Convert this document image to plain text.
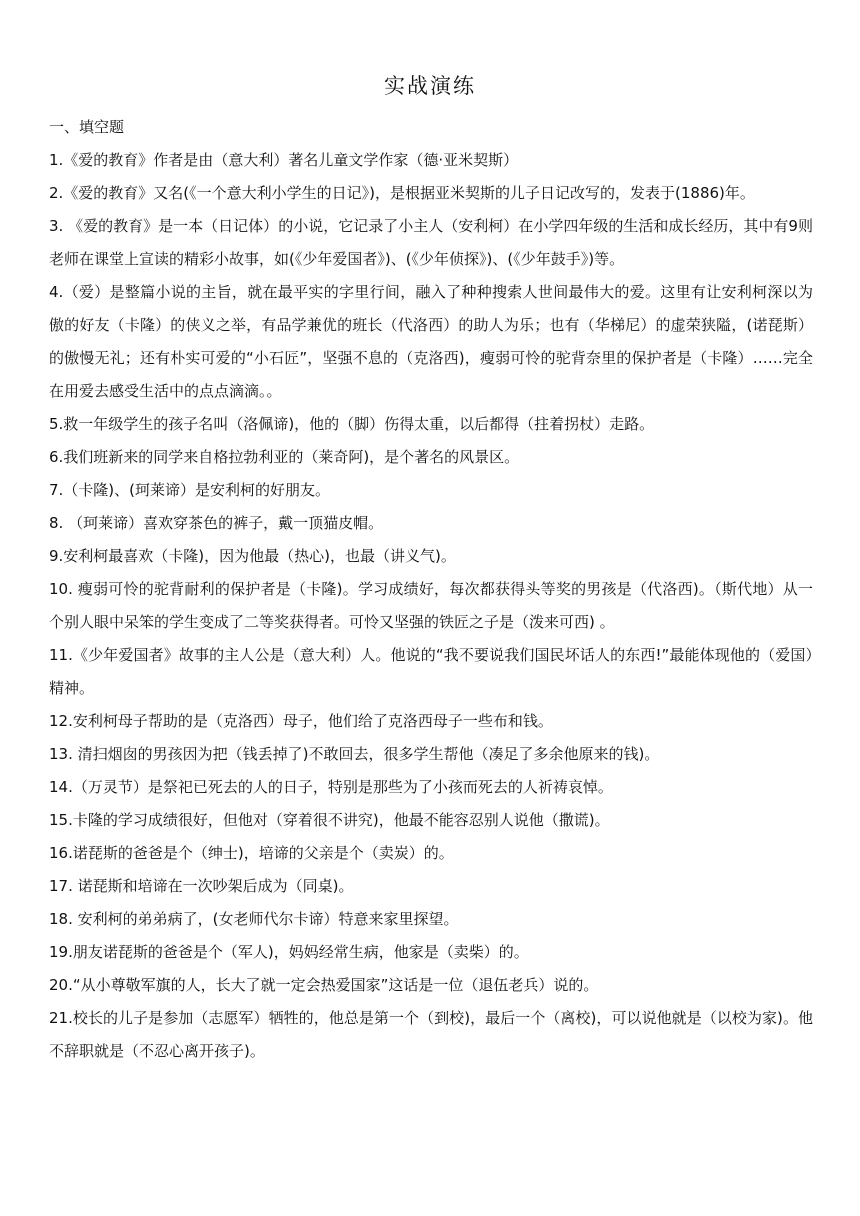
实战演练
一、填空题

1.《爱的教育》作者是由（意大利）著名儿童文学作家（德·亚米契斯）

2.《爱的教育》又名(《一个意大利小学生的日记》)，是根据亚米契斯的儿子日记改写的，发表于(1886)年。

3. 《爱的教育》是一本（日记体）的小说，它记录了小主人（安利柯）在小学四年级的生活和成长经历，其中有9则老师在课堂上宣读的精彩小故事，如(《少年爱国者》)、(《少年侦探》)、(《少年鼓手》)等。

4.（爱）是整篇小说的主旨，就在最平实的字里行间，融入了种种搜索人世间最伟大的爱。这里有让安利柯深以为傲的好友（卡隆）的侠义之举，有品学兼优的班长（代洛西）的助人为乐；也有（华梯尼）的虚荣狭隘，(诺琵斯）的傲慢无礼；还有朴实可爱的“小石匠”，坚强不息的（克洛西)，瘦弱可怜的驼背奈里的保护者是（卡隆）……完全在用爱去感受生活中的点点滴滴。。

5.救一年级学生的孩子名叫（洛佩谛)，他的（脚）伤得太重，以后都得（拄着拐杖）走路。

6.我们班新来的同学来自格拉勃利亚的（莱奇阿)，是个著名的风景区。

7.（卡隆)、(珂莱谛）是安利柯的好朋友。

8. （珂莱谛）喜欢穿茶色的裤子，戴一顶猫皮帽。

9.安利柯最喜欢（卡隆)，因为他最（热心)，也最（讲义气)。

10. 瘦弱可怜的驼背耐利的保护者是（卡隆)。学习成绩好，每次都获得头等奖的男孩是（代洛西)。（斯代地）从一个别人眼中呆笨的学生变成了二等奖获得者。可怜又坚强的铁匠之子是（泼来可西) 。

11.《少年爱国者》故事的主人公是（意大利）人。他说的“我不要说我们国民坏话人的东西!”最能体现他的（爱国）精神。

12.安利柯母子帮助的是（克洛西）母子，他们给了克洛西母子一些布和钱。

13. 清扫烟囱的男孩因为把（钱丢掉了)不敢回去，很多学生帮他（凑足了多余他原来的钱)。

14.（万灵节）是祭祀已死去的人的日子，特别是那些为了小孩而死去的人祈祷哀悼。

15.卡隆的学习成绩很好，但他对（穿着很不讲究)，他最不能容忍别人说他（撒谎)。

16.诺琵斯的爸爸是个（绅士)，培谛的父亲是个（卖炭）的。

17. 诺琵斯和培谛在一次吵架后成为（同桌)。

18. 安利柯的弟弟病了，(女老师代尔卡谛）特意来家里探望。

19.朋友诺琵斯的爸爸是个（军人)，妈妈经常生病，他家是（卖柴）的。

20.“从小尊敬军旗的人，长大了就一定会热爱国家”这话是一位（退伍老兵）说的。

21.校长的儿子是参加（志愿军）牺牲的，他总是第一个（到校)，最后一个（离校)，可以说他就是（以校为家)。他不辞职就是（不忍心离开孩子)。
